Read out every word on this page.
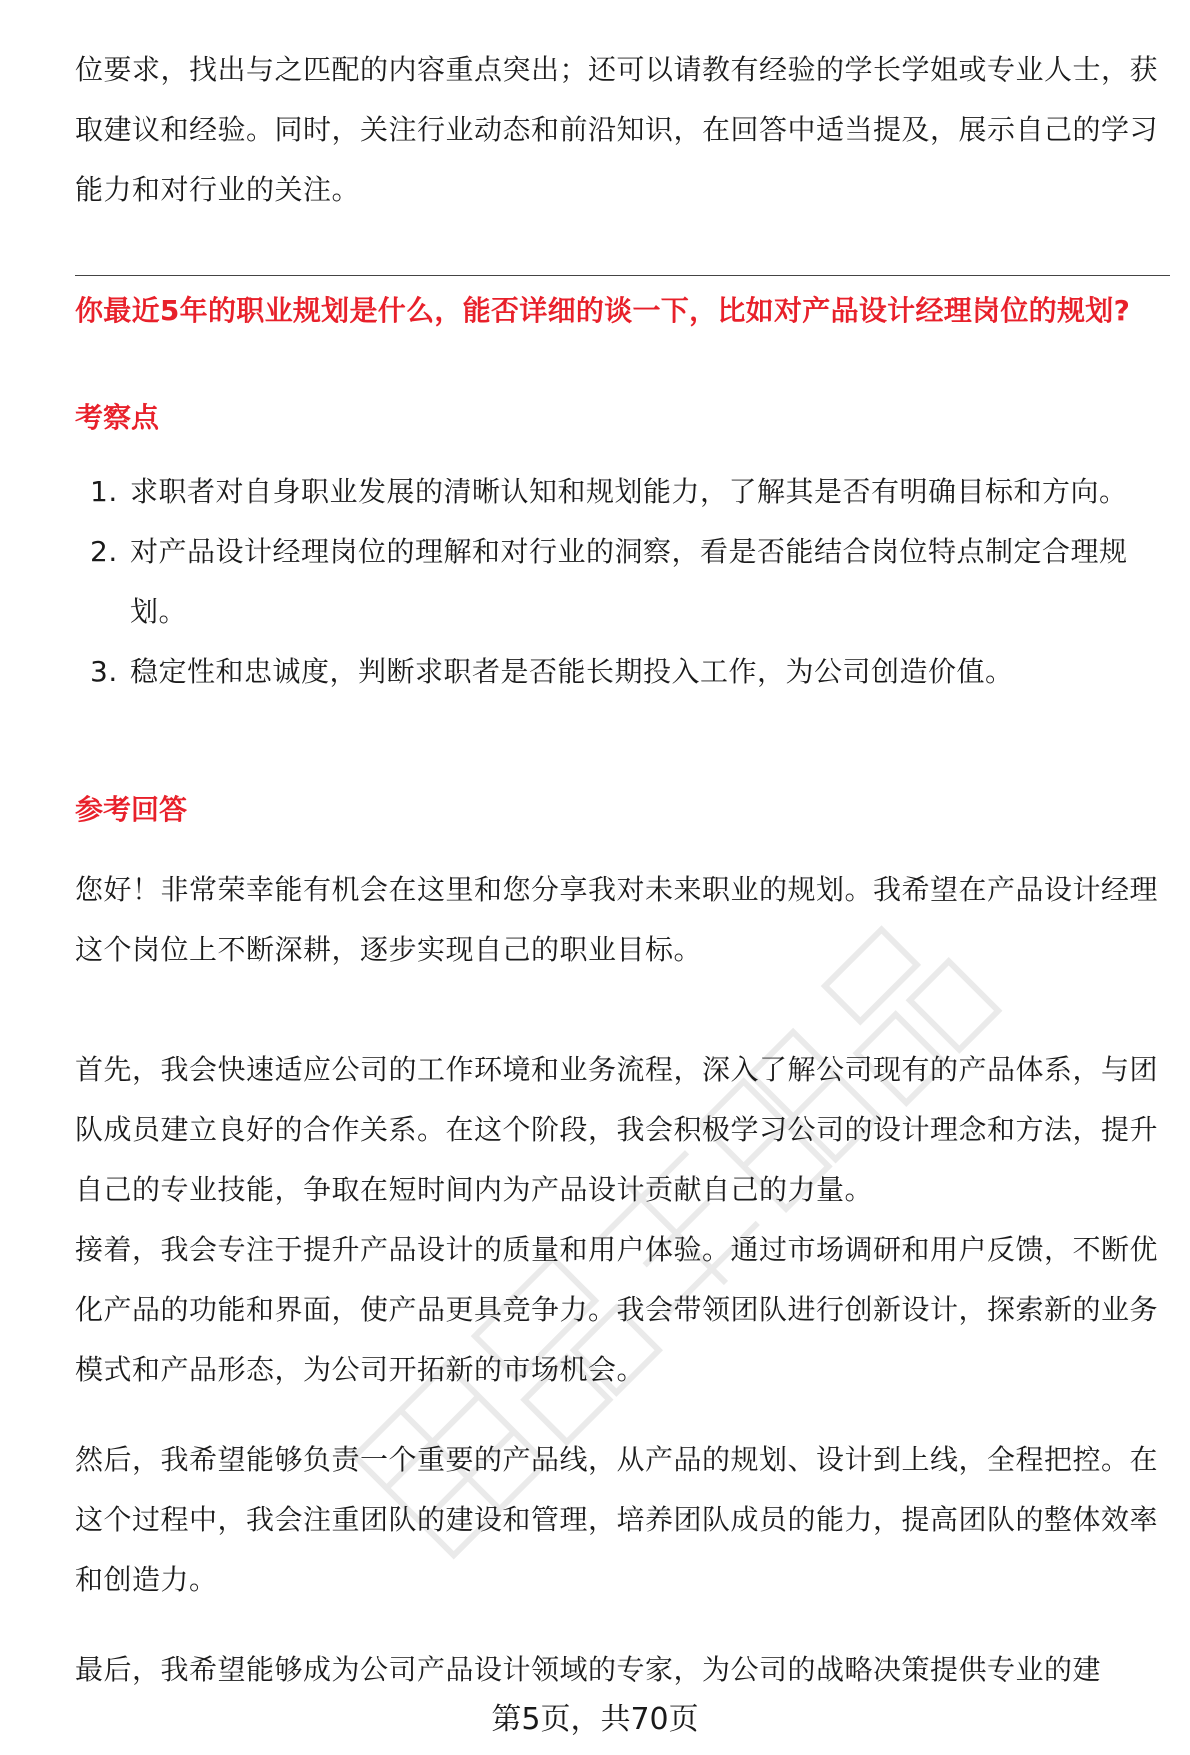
位要求，找出与之匹配的内容重点突出；还可以请教有经验的学长学姐或专业人士，获取建议和经验。同时，关注行业动态和前沿知识，在回答中适当提及，展示自己的学习能力和对行业的关注。

你最近5年的职业规划是什么，能否详细的谈一下，比如对产品设计经理岗位的规划?
考察点
1. 求职者对自身职业发展的清晰认知和规划能力，了解其是否有明确目标和方向。
2. 对产品设计经理岗位的理解和对行业的洞察，看是否能结合岗位特点制定合理规划。
3. 稳定性和忠诚度，判断求职者是否能长期投入工作，为公司创造价值。
参考回答

您好！非常荣幸能有机会在这里和您分享我对未来职业的规划。我希望在产品设计经理这个岗位上不断深耕，逐步实现自己的职业目标。

首先，我会快速适应公司的工作环境和业务流程，深入了解公司现有的产品体系，与团队成员建立良好的合作关系。在这个阶段，我会积极学习公司的设计理念和方法，提升自己的专业技能，争取在短时间内为产品设计贡献自己的力量。

接着，我会专注于提升产品设计的质量和用户体验。通过市场调研和用户反馈，不断优化产品的功能和界面，使产品更具竞争力。我会带领团队进行创新设计，探索新的业务模式和产品形态，为公司开拓新的市场机会。

然后，我希望能够负责一个重要的产品线，从产品的规划、设计到上线，全程把控。在这个过程中，我会注重团队的建设和管理，培养团队成员的能力，提高团队的整体效率和创造力。

最后，我希望能够成为公司产品设计领域的专家，为公司的战略决策提供专业的建

第5页，共70页
